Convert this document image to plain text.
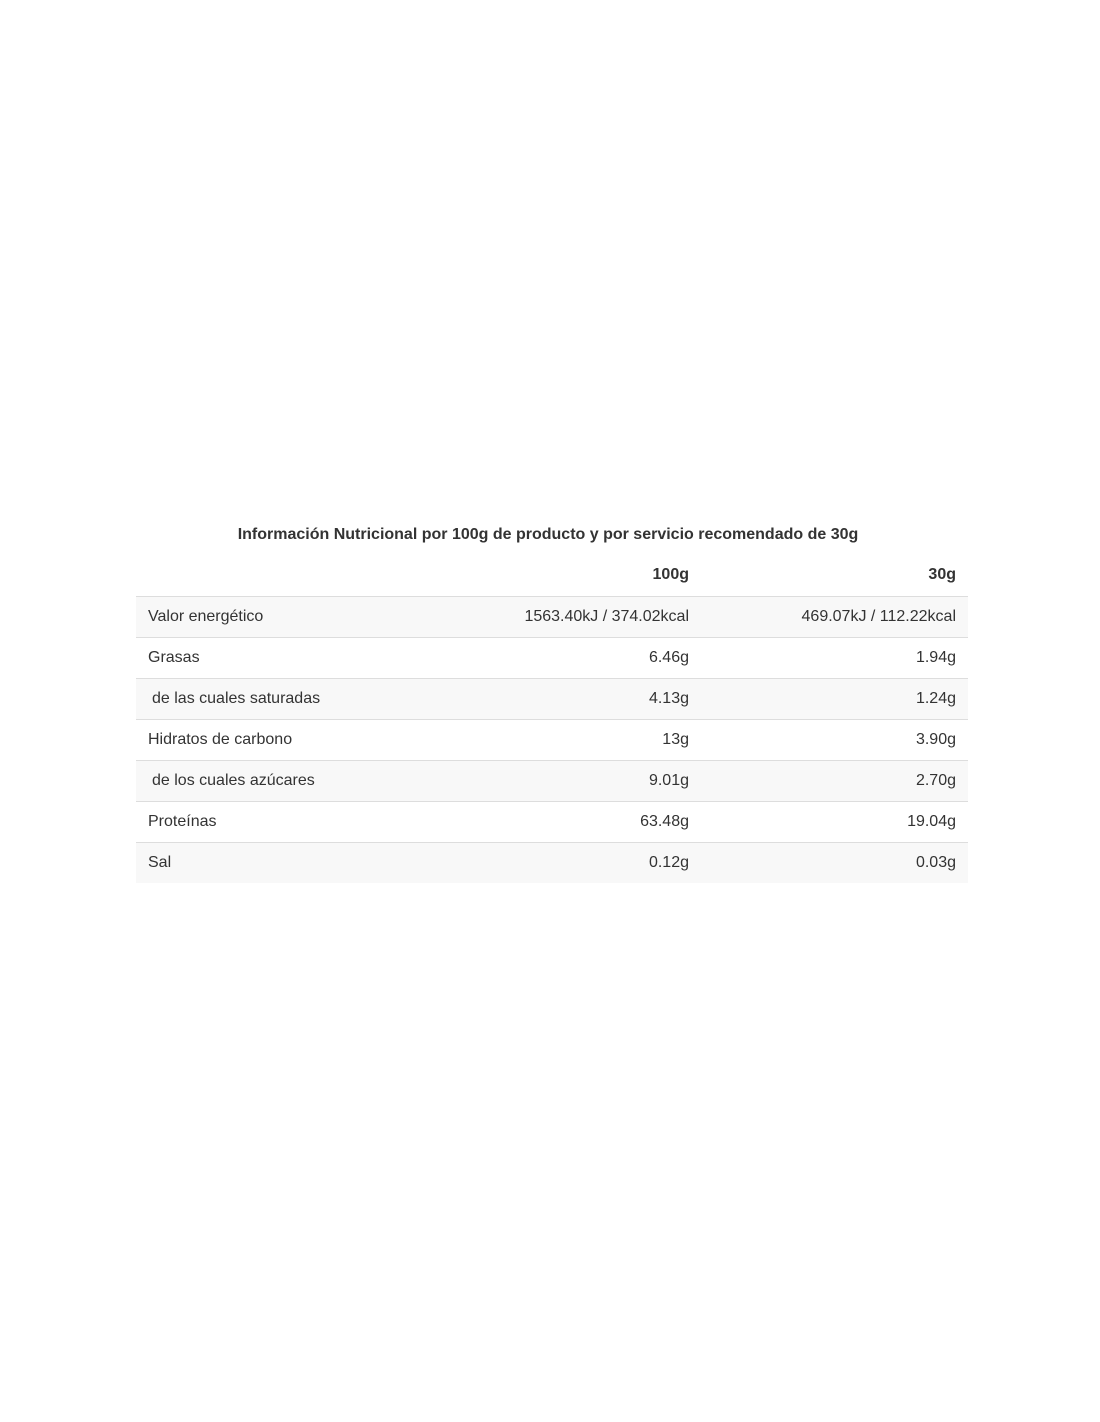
Información Nutricional por 100g de producto y por servicio recomendado de 30g
	100g	30g
Valor energético	1563.40kJ / 374.02kcal	469.07kJ / 112.22kcal
Grasas	6.46g	1.94g
de las cuales saturadas	4.13g	1.24g
Hidratos de carbono	13g	3.90g
de los cuales azúcares	9.01g	2.70g
Proteínas	63.48g	19.04g
Sal	0.12g	0.03g
